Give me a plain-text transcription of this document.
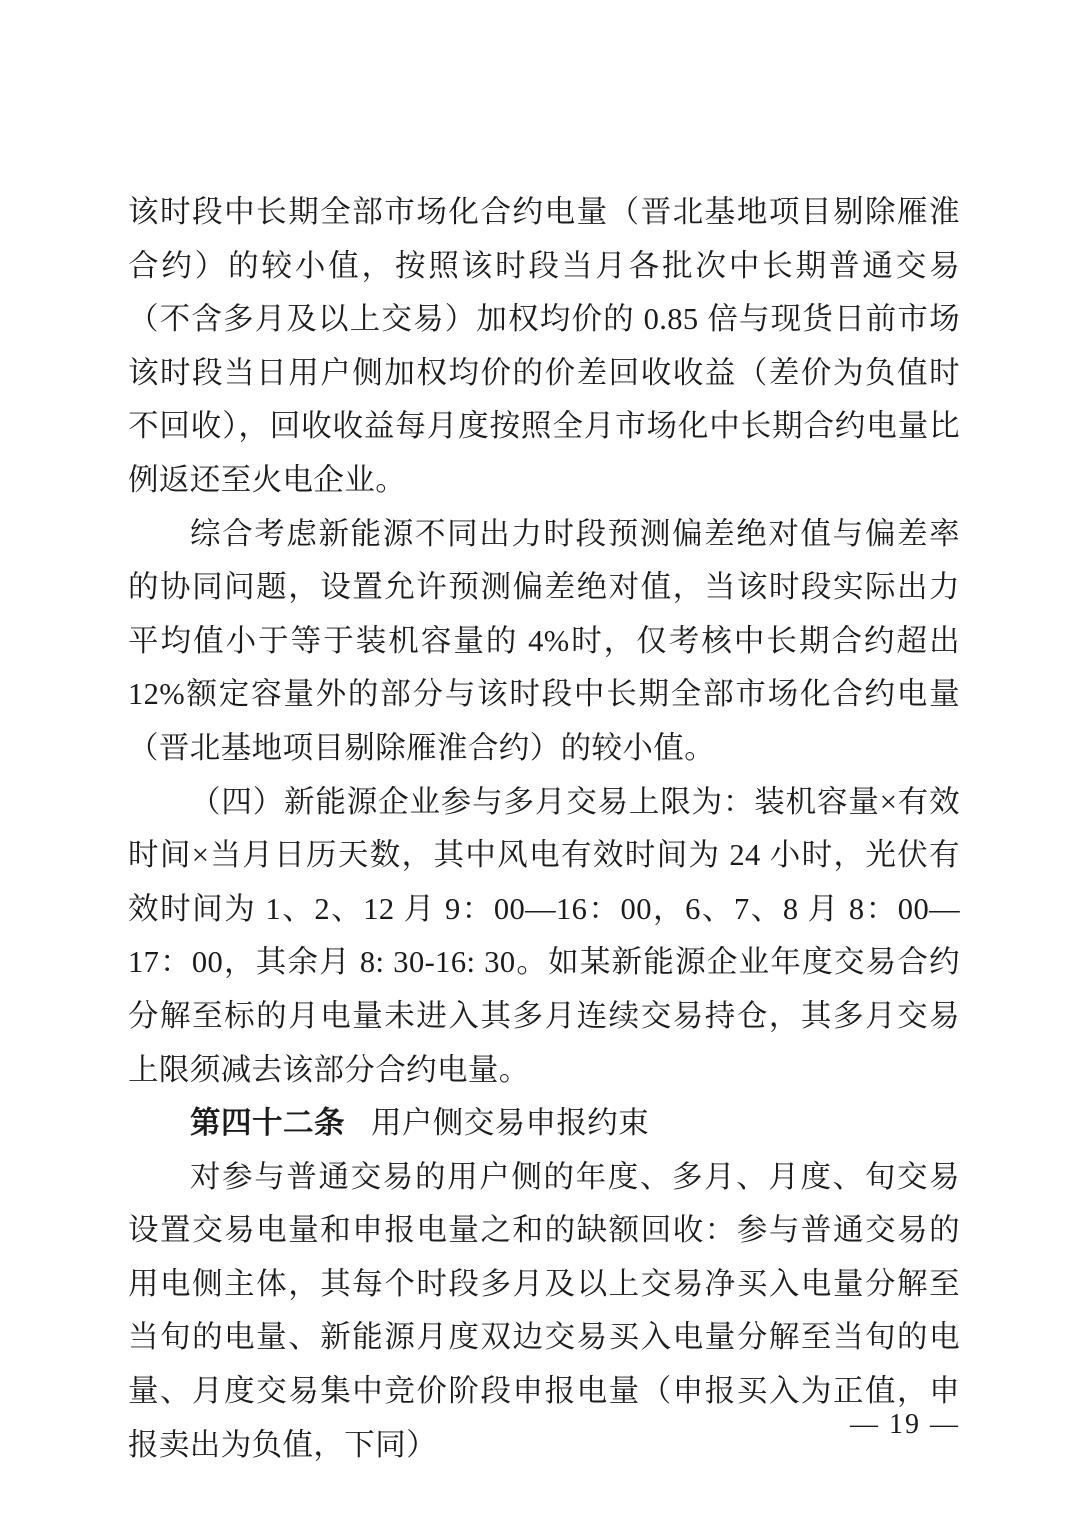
该时段中长期全部市场化合约电量（晋北基地项目剔除雁淮合约）的较小值，按照该时段当月各批次中长期普通交易（不含多月及以上交易）加权均价的 0.85 倍与现货日前市场该时段当日用户侧加权均价的价差回收收益（差价为负值时不回收），回收收益每月度按照全月市场化中长期合约电量比例返还至火电企业。

综合考虑新能源不同出力时段预测偏差绝对值与偏差率的协同问题，设置允许预测偏差绝对值，当该时段实际出力平均值小于等于装机容量的 4%时，仅考核中长期合约超出 12%额定容量外的部分与该时段中长期全部市场化合约电量（晋北基地项目剔除雁淮合约）的较小值。

（四）新能源企业参与多月交易上限为：装机容量×有效时间×当月日历天数，其中风电有效时间为 24 小时，光伏有效时间为 1、2、12 月 9：00—16：00，6、7、8 月 8：00—17：00，其余月 8: 30-16: 30。如某新能源企业年度交易合约分解至标的月电量未进入其多月连续交易持仓，其多月交易上限须减去该部分合约电量。

第四十二条 用户侧交易申报约束

对参与普通交易的用户侧的年度、多月、月度、旬交易设置交易电量和申报电量之和的缺额回收：参与普通交易的用电侧主体，其每个时段多月及以上交易净买入电量分解至当旬的电量、新能源月度双边交易买入电量分解至当旬的电量、月度交易集中竞价阶段申报电量（申报买入为正值，申报卖出为负值，下同）

— 19 —
